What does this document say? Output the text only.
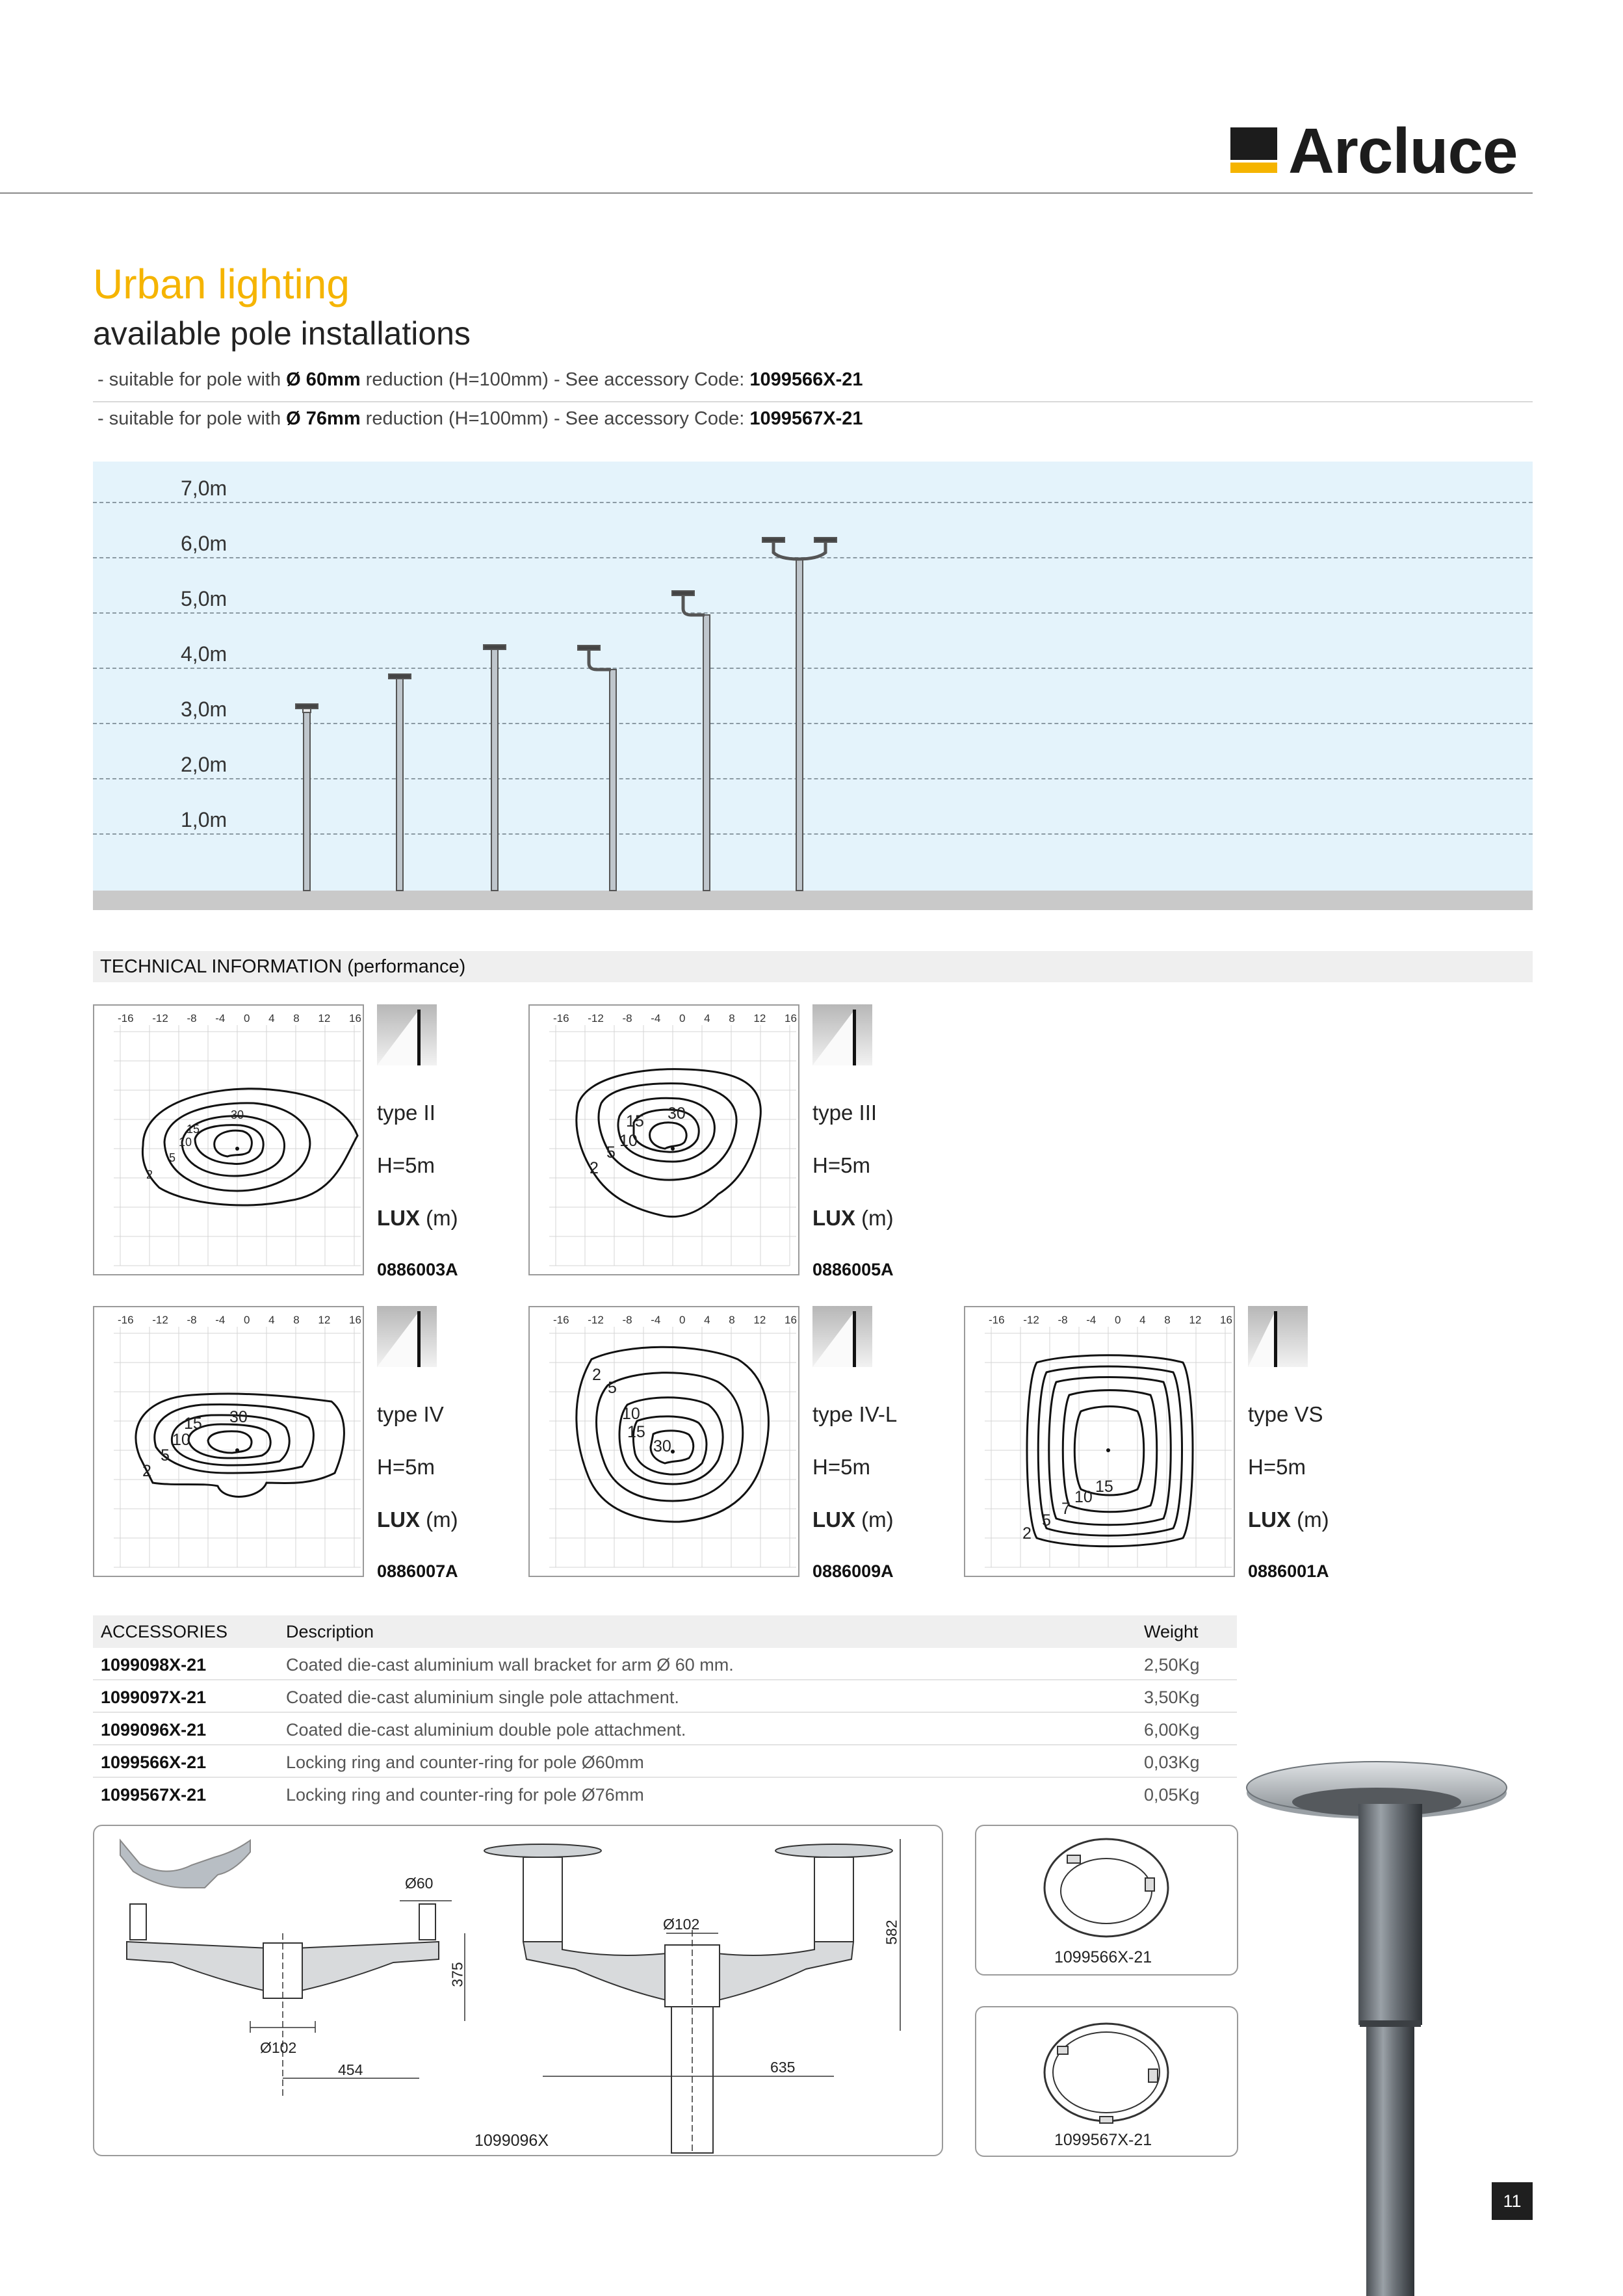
Arcluce
Urban lighting
available pole installations
- suitable for pole with Ø 60mm reduction (H=100mm) - See accessory Code: 1099566X-21
- suitable for pole with Ø 76mm reduction (H=100mm) - See accessory Code: 1099567X-21
7,0m
6,0m
5,0m
4,0m
3,0m
2,0m
1,0m
TECHNICAL INFORMATION (performance)
-16 -12 -8 -4 0 4 8 12 16
30
15
10
5
2
type II
H=5m
LUX (m)
0886003A
-16 -12 -8 -4 0 4 8 12 16
30
15
10
5
2
type III
H=5m
LUX (m)
0886005A
-16 -12 -8 -4 0 4 8 12 16
30
15
10
5
2
type IV
H=5m
LUX (m)
0886007A
-16 -12 -8 -4 0 4 8 12 16
30
15
10
5
2
type IV-L
H=5m
LUX (m)
0886009A
-16 -12 -8 -4 0 4 8 12 16
15
10
7
5
2
type VS
H=5m
LUX (m)
0886001A
ACCESSORIES	Description	Weight
1099098X-21	Coated die-cast aluminium wall bracket for arm Ø 60 mm.	2,50Kg
1099097X-21	Coated die-cast aluminium single pole attachment.	3,50Kg
1099096X-21	Coated die-cast aluminium double pole attachment.	6,00Kg
1099566X-21	Locking ring and counter-ring for pole Ø60mm	0,03Kg
1099567X-21	Locking ring and counter-ring for pole Ø76mm	0,05Kg
Ø60
375
Ø102
454
Ø102	582
635
1099096X
1099566X-21
1099567X-21
11
